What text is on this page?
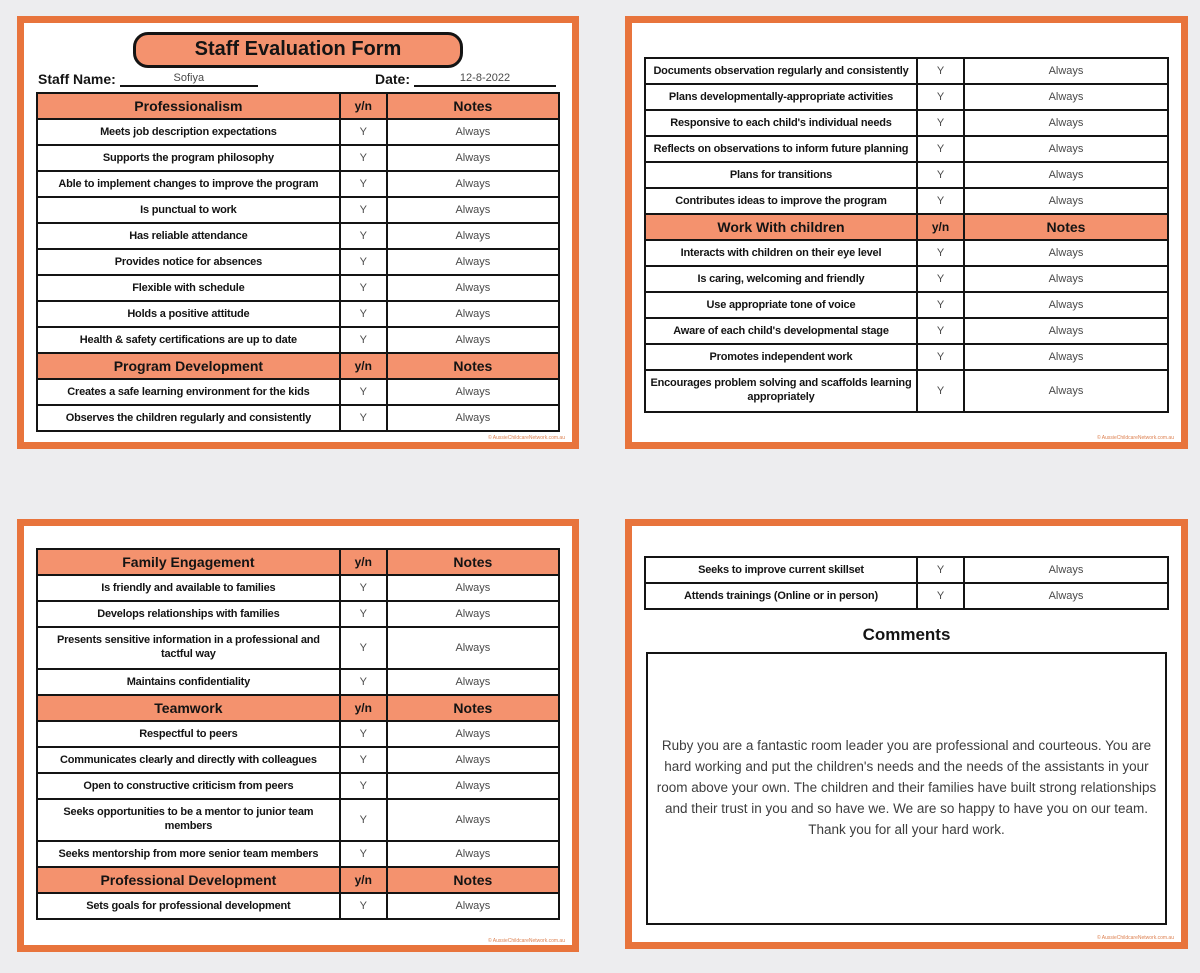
Staff Evaluation Form
Staff Name:	Sofiya	Date:	12-8-2022
Professionalism	y/n	Notes
Meets job description expectations	Y	Always
Supports the program philosophy	Y	Always
Able to implement changes to improve the program	Y	Always
Is punctual to work	Y	Always
Has reliable attendance	Y	Always
Provides notice for absences	Y	Always
Flexible with schedule	Y	Always
Holds a positive attitude	Y	Always
Health & safety certifications are up to date	Y	Always
Program Development	y/n	Notes
Creates a safe learning environment for the kids	Y	Always
Observes the children regularly and consistently	Y	Always
© AussieChildcareNetwork.com.au
Documents observation regularly and consistently	Y	Always
Plans developmentally-appropriate activities	Y	Always
Responsive to each child's individual needs	Y	Always
Reflects on observations to inform future planning	Y	Always
Plans for transitions	Y	Always
Contributes ideas to improve the program	Y	Always
Work With children	y/n	Notes
Interacts with children on their eye level	Y	Always
Is caring, welcoming and friendly	Y	Always
Use appropriate tone of voice	Y	Always
Aware of each child's developmental stage	Y	Always
Promotes independent work	Y	Always
Encourages problem solving and scaffolds learning appropriately	Y	Always
© AussieChildcareNetwork.com.au
Family Engagement	y/n	Notes
Is friendly and available to families	Y	Always
Develops relationships with families	Y	Always
Presents sensitive information in a professional and tactful way	Y	Always
Maintains confidentiality	Y	Always
Teamwork	y/n	Notes
Respectful to peers	Y	Always
Communicates clearly and directly with colleagues	Y	Always
Open to constructive criticism from peers	Y	Always
Seeks opportunities to be a mentor to junior team members	Y	Always
Seeks mentorship from more senior team members	Y	Always
Professional Development	y/n	Notes
Sets goals for professional development	Y	Always
© AussieChildcareNetwork.com.au
Seeks to improve current skillset	Y	Always
Attends trainings (Online or in person)	Y	Always
Comments
Ruby you are a fantastic room leader you are professional and courteous. You are hard working and put the children's needs and the needs of the assistants in your room above your own. The children and their families have built strong relationships and their trust in you and so have we. We are so happy to have you on our team. Thank you for all your hard work.
© AussieChildcareNetwork.com.au
